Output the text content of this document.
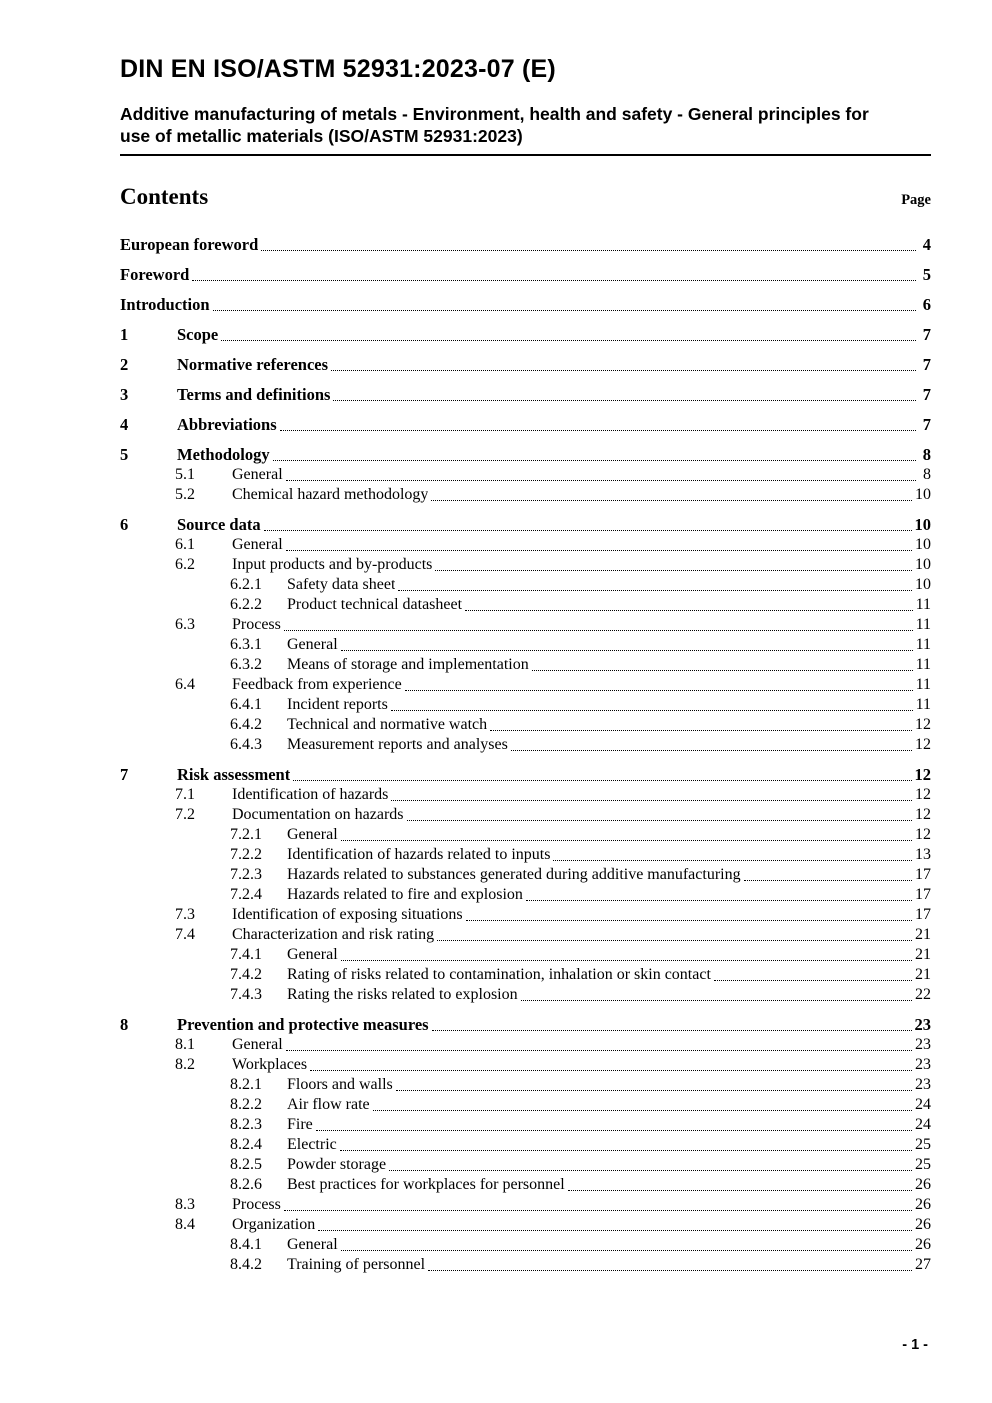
DIN EN ISO/ASTM 52931:2023-07 (E)
Additive manufacturing of metals - Environment, health and safety - General principles for use of metallic materials (ISO/ASTM 52931:2023)
Contents	Page
European foreword	4
Foreword	5
Introduction	6
1	Scope	7
2	Normative references	7
3	Terms and definitions	7
4	Abbreviations	7
5	Methodology	8
5.1	General	8
5.2	Chemical hazard methodology	10
6	Source data	10
6.1	General	10
6.2	Input products and by-products	10
6.2.1	Safety data sheet	10
6.2.2	Product technical datasheet	11
6.3	Process	11
6.3.1	General	11
6.3.2	Means of storage and implementation	11
6.4	Feedback from experience	11
6.4.1	Incident reports	11
6.4.2	Technical and normative watch	12
6.4.3	Measurement reports and analyses	12
7	Risk assessment	12
7.1	Identification of hazards	12
7.2	Documentation on hazards	12
7.2.1	General	12
7.2.2	Identification of hazards related to inputs	13
7.2.3	Hazards related to substances generated during additive manufacturing	17
7.2.4	Hazards related to fire and explosion	17
7.3	Identification of exposing situations	17
7.4	Characterization and risk rating	21
7.4.1	General	21
7.4.2	Rating of risks related to contamination, inhalation or skin contact	21
7.4.3	Rating the risks related to explosion	22
8	Prevention and protective measures	23
8.1	General	23
8.2	Workplaces	23
8.2.1	Floors and walls	23
8.2.2	Air flow rate	24
8.2.3	Fire	24
8.2.4	Electric	25
8.2.5	Powder storage	25
8.2.6	Best practices for workplaces for personnel	26
8.3	Process	26
8.4	Organization	26
8.4.1	General	26
8.4.2	Training of personnel	27
- 1 -
